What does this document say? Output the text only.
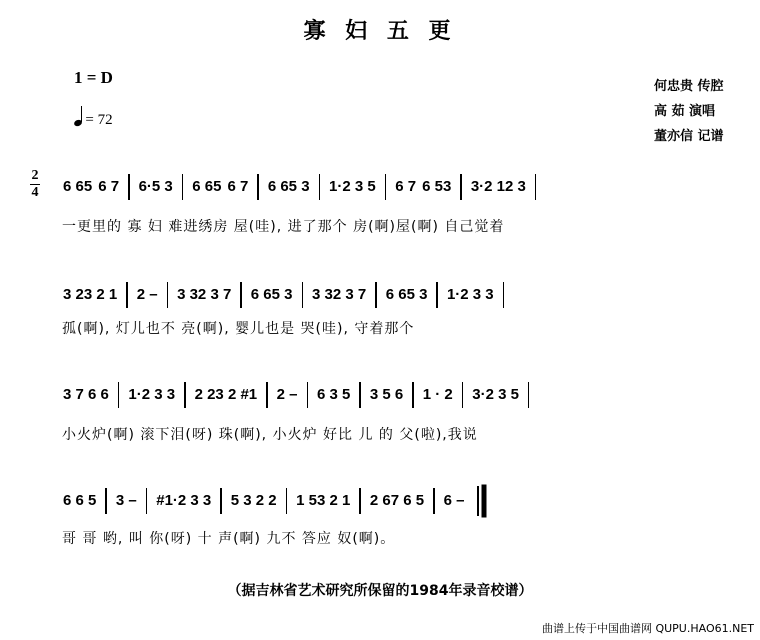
寡 妇 五 更
1 = D
= 72
何忠贵 传腔
高 茹 演唱
董亦信 记谱
2
4 6 65 6 7 6·5 3 6 65 6 7 6 65 3 1·2 3 5 6 7 6 53 3·2 12 3
一更里的 寡 妇 难进绣房 屋(哇), 进了那个 房(啊)屋(啊) 自己觉着
3 23 2 1 2 – 3 32 3 7 6 65 3 3 32 3 7 6 65 3 1·2 3 3
孤(啊), 灯儿也不 亮(啊), 婴儿也是 哭(哇), 守着那个
3 7 6 6 1·2 3 3 2 23 2 #1 2 – 6 3 5 3 5 6 1 · 2 3·2 3 5
小火炉(啊) 滚下泪(呀) 珠(啊), 小火炉 好比 儿 的 父(啦),我说
6 6 5 3 – #1·2 3 3 5 3 2 2 1 53 2 1 2 67 6 5 6 –
哥 哥 哟, 叫 你(呀) 十 声(啊) 九不 答应 奴(啊)。
（据吉林省艺术研究所保留的1984年录音校谱）
曲谱上传于中国曲谱网 QUPU.HAO61.NET
